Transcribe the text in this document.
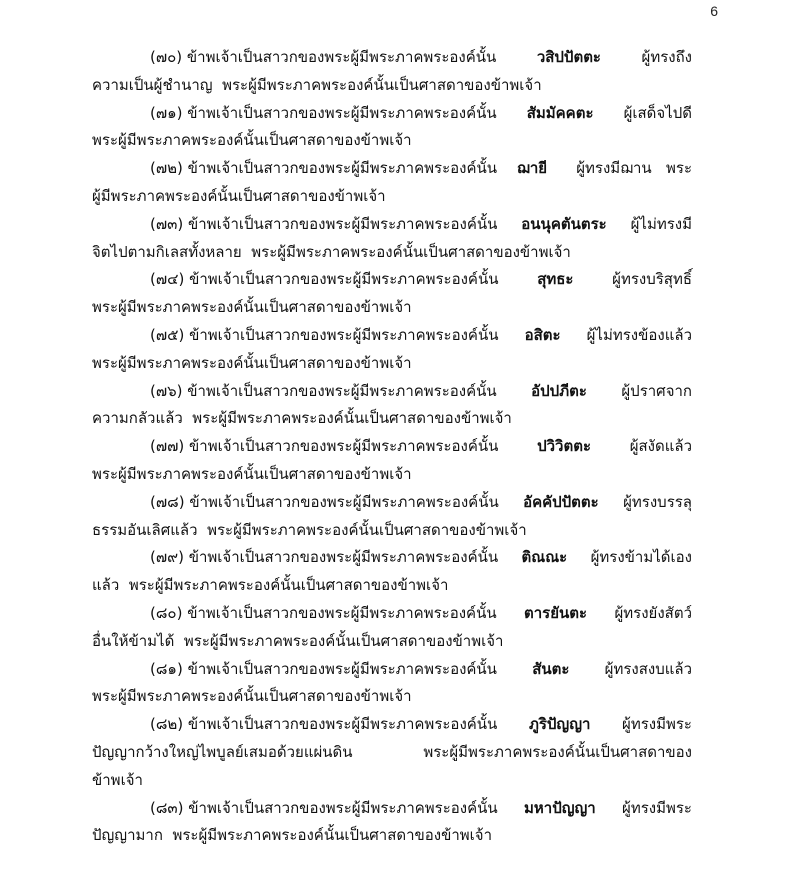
6
(๗๐) ข้าพเจ้าเป็นสาวกของพระผู้มีพระภาคพระองค์นั้น	วสิปปัตตะ	ผู้ทรงถึง
ความเป็นผู้ชำนาญ
พระผู้มีพระภาคพระองค์นั้นเป็นศาสดาของข้าพเจ้า
(๗๑) ข้าพเจ้าเป็นสาวกของพระผู้มีพระภาคพระองค์นั้น	สัมมัคคตะ	ผู้เสด็จไปดี
พระผู้มีพระภาคพระองค์นั้นเป็นศาสดาของข้าพเจ้า
(๗๒) ข้าพเจ้าเป็นสาวกของพระผู้มีพระภาคพระองค์นั้น	ฌายี	ผู้ทรงมีฌาน   พระ
ผู้มีพระภาคพระองค์นั้นเป็นศาสดาของข้าพเจ้า
(๗๓) ข้าพเจ้าเป็นสาวกของพระผู้มีพระภาคพระองค์นั้น	อนนุคตันตระ	ผู้ไม่ทรงมี
จิตไปตามกิเลสทั้งหลาย
พระผู้มีพระภาคพระองค์นั้นเป็นศาสดาของข้าพเจ้า
(๗๔) ข้าพเจ้าเป็นสาวกของพระผู้มีพระภาคพระองค์นั้น	สุทธะ	ผู้ทรงบริสุทธิ์
พระผู้มีพระภาคพระองค์นั้นเป็นศาสดาของข้าพเจ้า
(๗๕) ข้าพเจ้าเป็นสาวกของพระผู้มีพระภาคพระองค์นั้น	อสิตะ	ผู้ไม่ทรงข้องแล้ว
พระผู้มีพระภาคพระองค์นั้นเป็นศาสดาของข้าพเจ้า
(๗๖) ข้าพเจ้าเป็นสาวกของพระผู้มีพระภาคพระองค์นั้น	อัปปภีตะ	ผู้ปราศจาก
ความกลัวแล้ว
พระผู้มีพระภาคพระองค์นั้นเป็นศาสดาของข้าพเจ้า
(๗๗) ข้าพเจ้าเป็นสาวกของพระผู้มีพระภาคพระองค์นั้น	ปวิวิตตะ	ผู้สงัดแล้ว
พระผู้มีพระภาคพระองค์นั้นเป็นศาสดาของข้าพเจ้า
(๗๘) ข้าพเจ้าเป็นสาวกของพระผู้มีพระภาคพระองค์นั้น	อัคคัปปัตตะ	ผู้ทรงบรรลุ
ธรรมอันเลิศแล้ว
พระผู้มีพระภาคพระองค์นั้นเป็นศาสดาของข้าพเจ้า
(๗๙) ข้าพเจ้าเป็นสาวกของพระผู้มีพระภาคพระองค์นั้น	ติณณะ	ผู้ทรงข้ามได้เอง
แล้ว
พระผู้มีพระภาคพระองค์นั้นเป็นศาสดาของข้าพเจ้า
(๘๐) ข้าพเจ้าเป็นสาวกของพระผู้มีพระภาคพระองค์นั้น	ตารยันตะ	ผู้ทรงยังสัตว์
อื่นให้ข้ามได้
พระผู้มีพระภาคพระองค์นั้นเป็นศาสดาของข้าพเจ้า
(๘๑) ข้าพเจ้าเป็นสาวกของพระผู้มีพระภาคพระองค์นั้น	สันตะ	ผู้ทรงสงบแล้ว
พระผู้มีพระภาคพระองค์นั้นเป็นศาสดาของข้าพเจ้า
(๘๒) ข้าพเจ้าเป็นสาวกของพระผู้มีพระภาคพระองค์นั้น	ภูริปัญญา	ผู้ทรงมีพระ
ปัญญากว้างใหญ่ไพบูลย์เสมอด้วยแผ่นดิน	พระผู้มีพระภาคพระองค์นั้นเป็นศาสดาของ
ข้าพเจ้า
(๘๓) ข้าพเจ้าเป็นสาวกของพระผู้มีพระภาคพระองค์นั้น	มหาปัญญา	ผู้ทรงมีพระ
ปัญญามาก
พระผู้มีพระภาคพระองค์นั้นเป็นศาสดาของข้าพเจ้า
